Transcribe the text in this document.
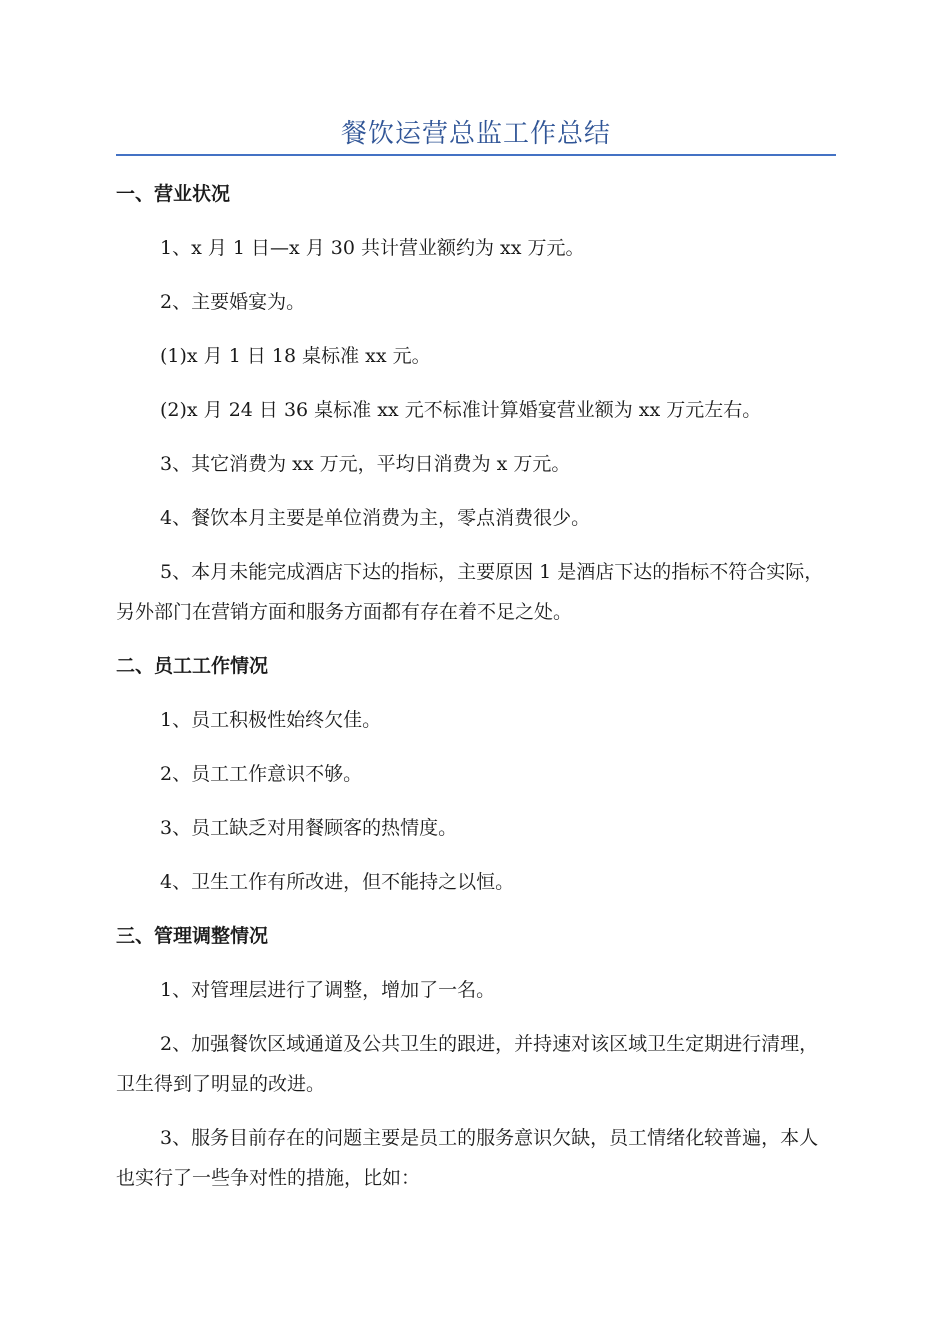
餐饮运营总监工作总结
一、营业状况

1、x 月 1 日—x 月 30 共计营业额约为 xx 万元。

2、主要婚宴为。

(1)x 月 1 日 18 桌标准 xx 元。

(2)x 月 24 日 36 桌标准 xx 元不标准计算婚宴营业额为 xx 万元左右。

3、其它消费为 xx 万元，平均日消费为 x 万元。

4、餐饮本月主要是单位消费为主，零点消费很少。

5、本月未能完成酒店下达的指标，主要原因 1 是酒店下达的指标不符合实际，另外部门在营销方面和服务方面都有存在着不足之处。

二、员工工作情况

1、员工积极性始终欠佳。

2、员工工作意识不够。

3、员工缺乏对用餐顾客的热情度。

4、卫生工作有所改进，但不能持之以恒。

三、管理调整情况

1、对管理层进行了调整，增加了一名。

2、加强餐饮区域通道及公共卫生的跟进，并持速对该区域卫生定期进行清理，卫生得到了明显的改进。

3、服务目前存在的问题主要是员工的服务意识欠缺，员工情绪化较普遍，本人也实行了一些争对性的措施，比如：
